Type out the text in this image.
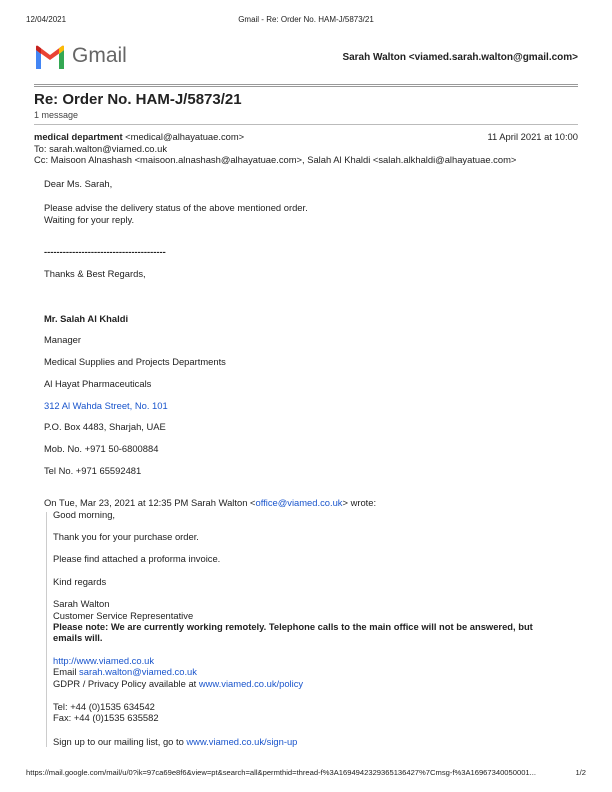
12/04/2021	Gmail - Re: Order No. HAM-J/5873/21
Gmail	Sarah Walton <viamed.sarah.walton@gmail.com>
Re: Order No. HAM-J/5873/21
1 message
medical department <medical@alhayatuae.com>	11 April 2021 at 10:00
To: sarah.walton@viamed.co.uk
Cc: Maisoon Alnashash <maisoon.alnashash@alhayatuae.com>, Salah Al Khaldi <salah.alkhaldi@alhayatuae.com>
Dear Ms. Sarah,
Please advise the delivery status of the above mentioned order.
Waiting for your reply.
---------------------------------------
Thanks & Best Regards,
Mr. Salah Al Khaldi
Manager
Medical Supplies and Projects Departments
Al Hayat Pharmaceuticals
312 Al Wahda Street, No. 101
P.O. Box 4483, Sharjah, UAE
Mob. No. +971 50-6800884
Tel No. +971 65592481
On Tue, Mar 23, 2021 at 12:35 PM Sarah Walton <office@viamed.co.uk> wrote:
Good morning,
Thank you for your purchase order.
Please find attached a proforma invoice.
Kind regards
Sarah Walton
Customer Service Representative
Please note: We are currently working remotely. Telephone calls to the main office will not be answered, but
emails will.
http://www.viamed.co.uk
Email sarah.walton@viamed.co.uk
GDPR / Privacy Policy available at www.viamed.co.uk/policy
Tel: +44 (0)1535 634542
Fax: +44 (0)1535 635582
Sign up to our mailing list, go to www.viamed.co.uk/sign-up
https://mail.google.com/mail/u/0?ik=97ca69e8f6&view=pt&search=all&permthid=thread-f%3A1694942329365136427%7Cmsg-f%3A16967340050001...	1/2
